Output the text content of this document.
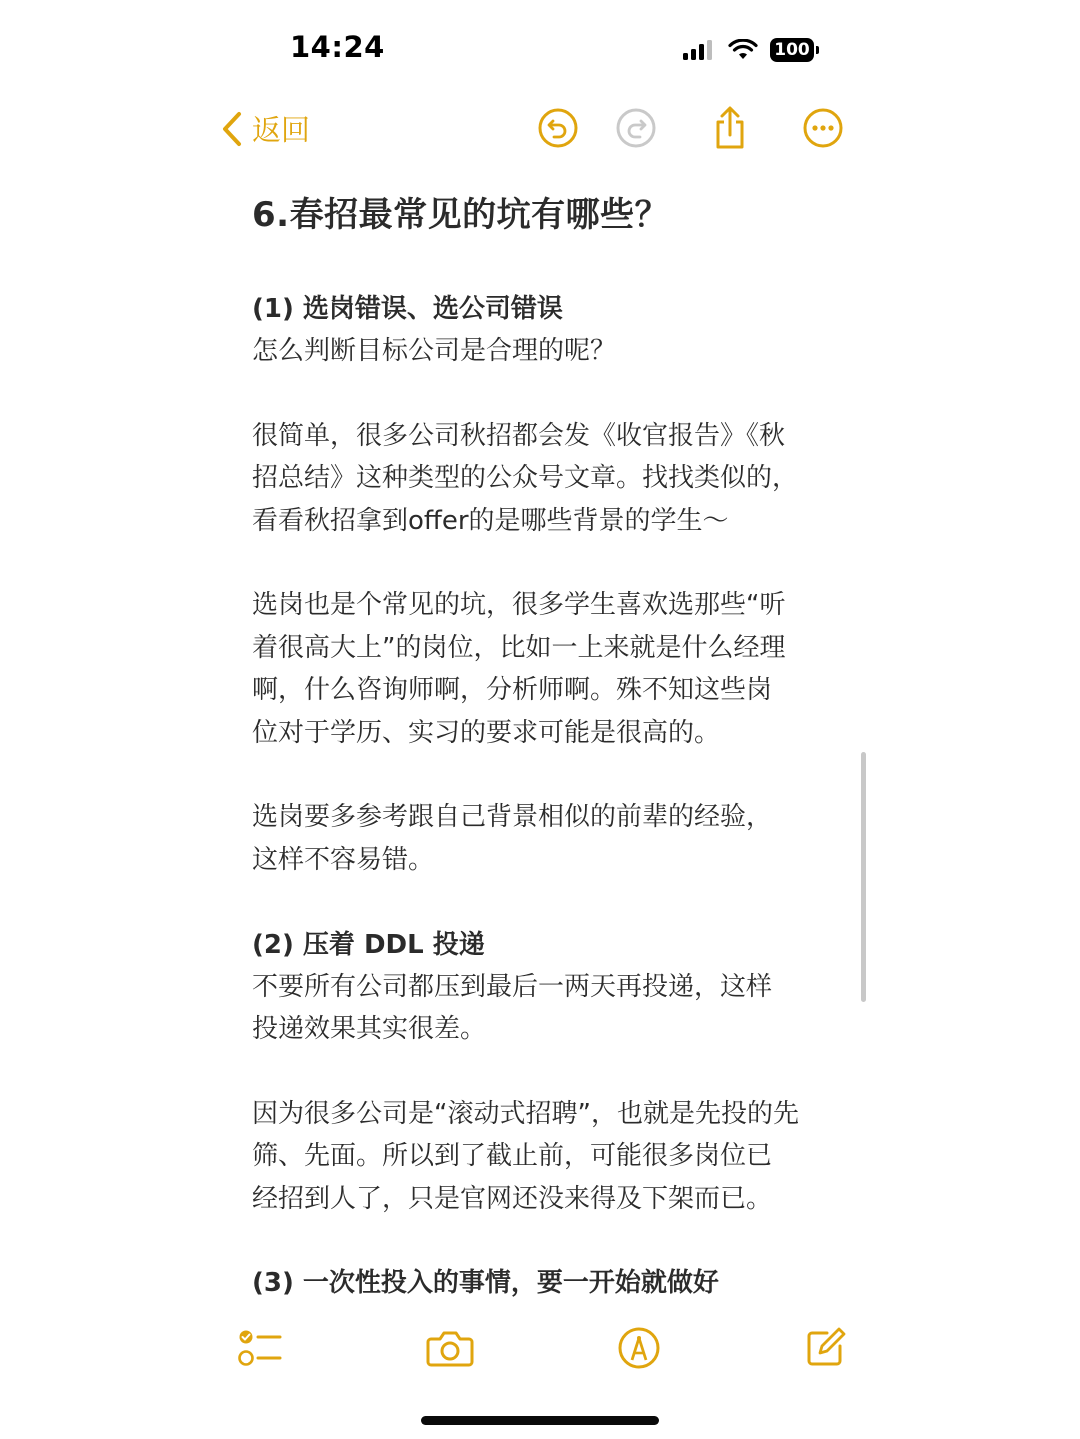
14:24	100
返回
6.春招最常见的坑有哪些？
(1) 选岗错误、选公司错误
怎么判断目标公司是合理的呢？
很简单，很多公司秋招都会发《收官报告》《秋
招总结》这种类型的公众号文章。找找类似的，
看看秋招拿到offer的是哪些背景的学生～
选岗也是个常见的坑，很多学生喜欢选那些“听
着很高大上”的岗位，比如一上来就是什么经理
啊，什么咨询师啊，分析师啊。殊不知这些岗
位对于学历、实习的要求可能是很高的。
选岗要多参考跟自己背景相似的前辈的经验，
这样不容易错。
(2) 压着 DDL 投递
不要所有公司都压到最后一两天再投递，这样
投递效果其实很差。
因为很多公司是“滚动式招聘”，也就是先投的先
筛、先面。所以到了截止前，可能很多岗位已
经招到人了，只是官网还没来得及下架而已。
(3) 一次性投入的事情，要一开始就做好
